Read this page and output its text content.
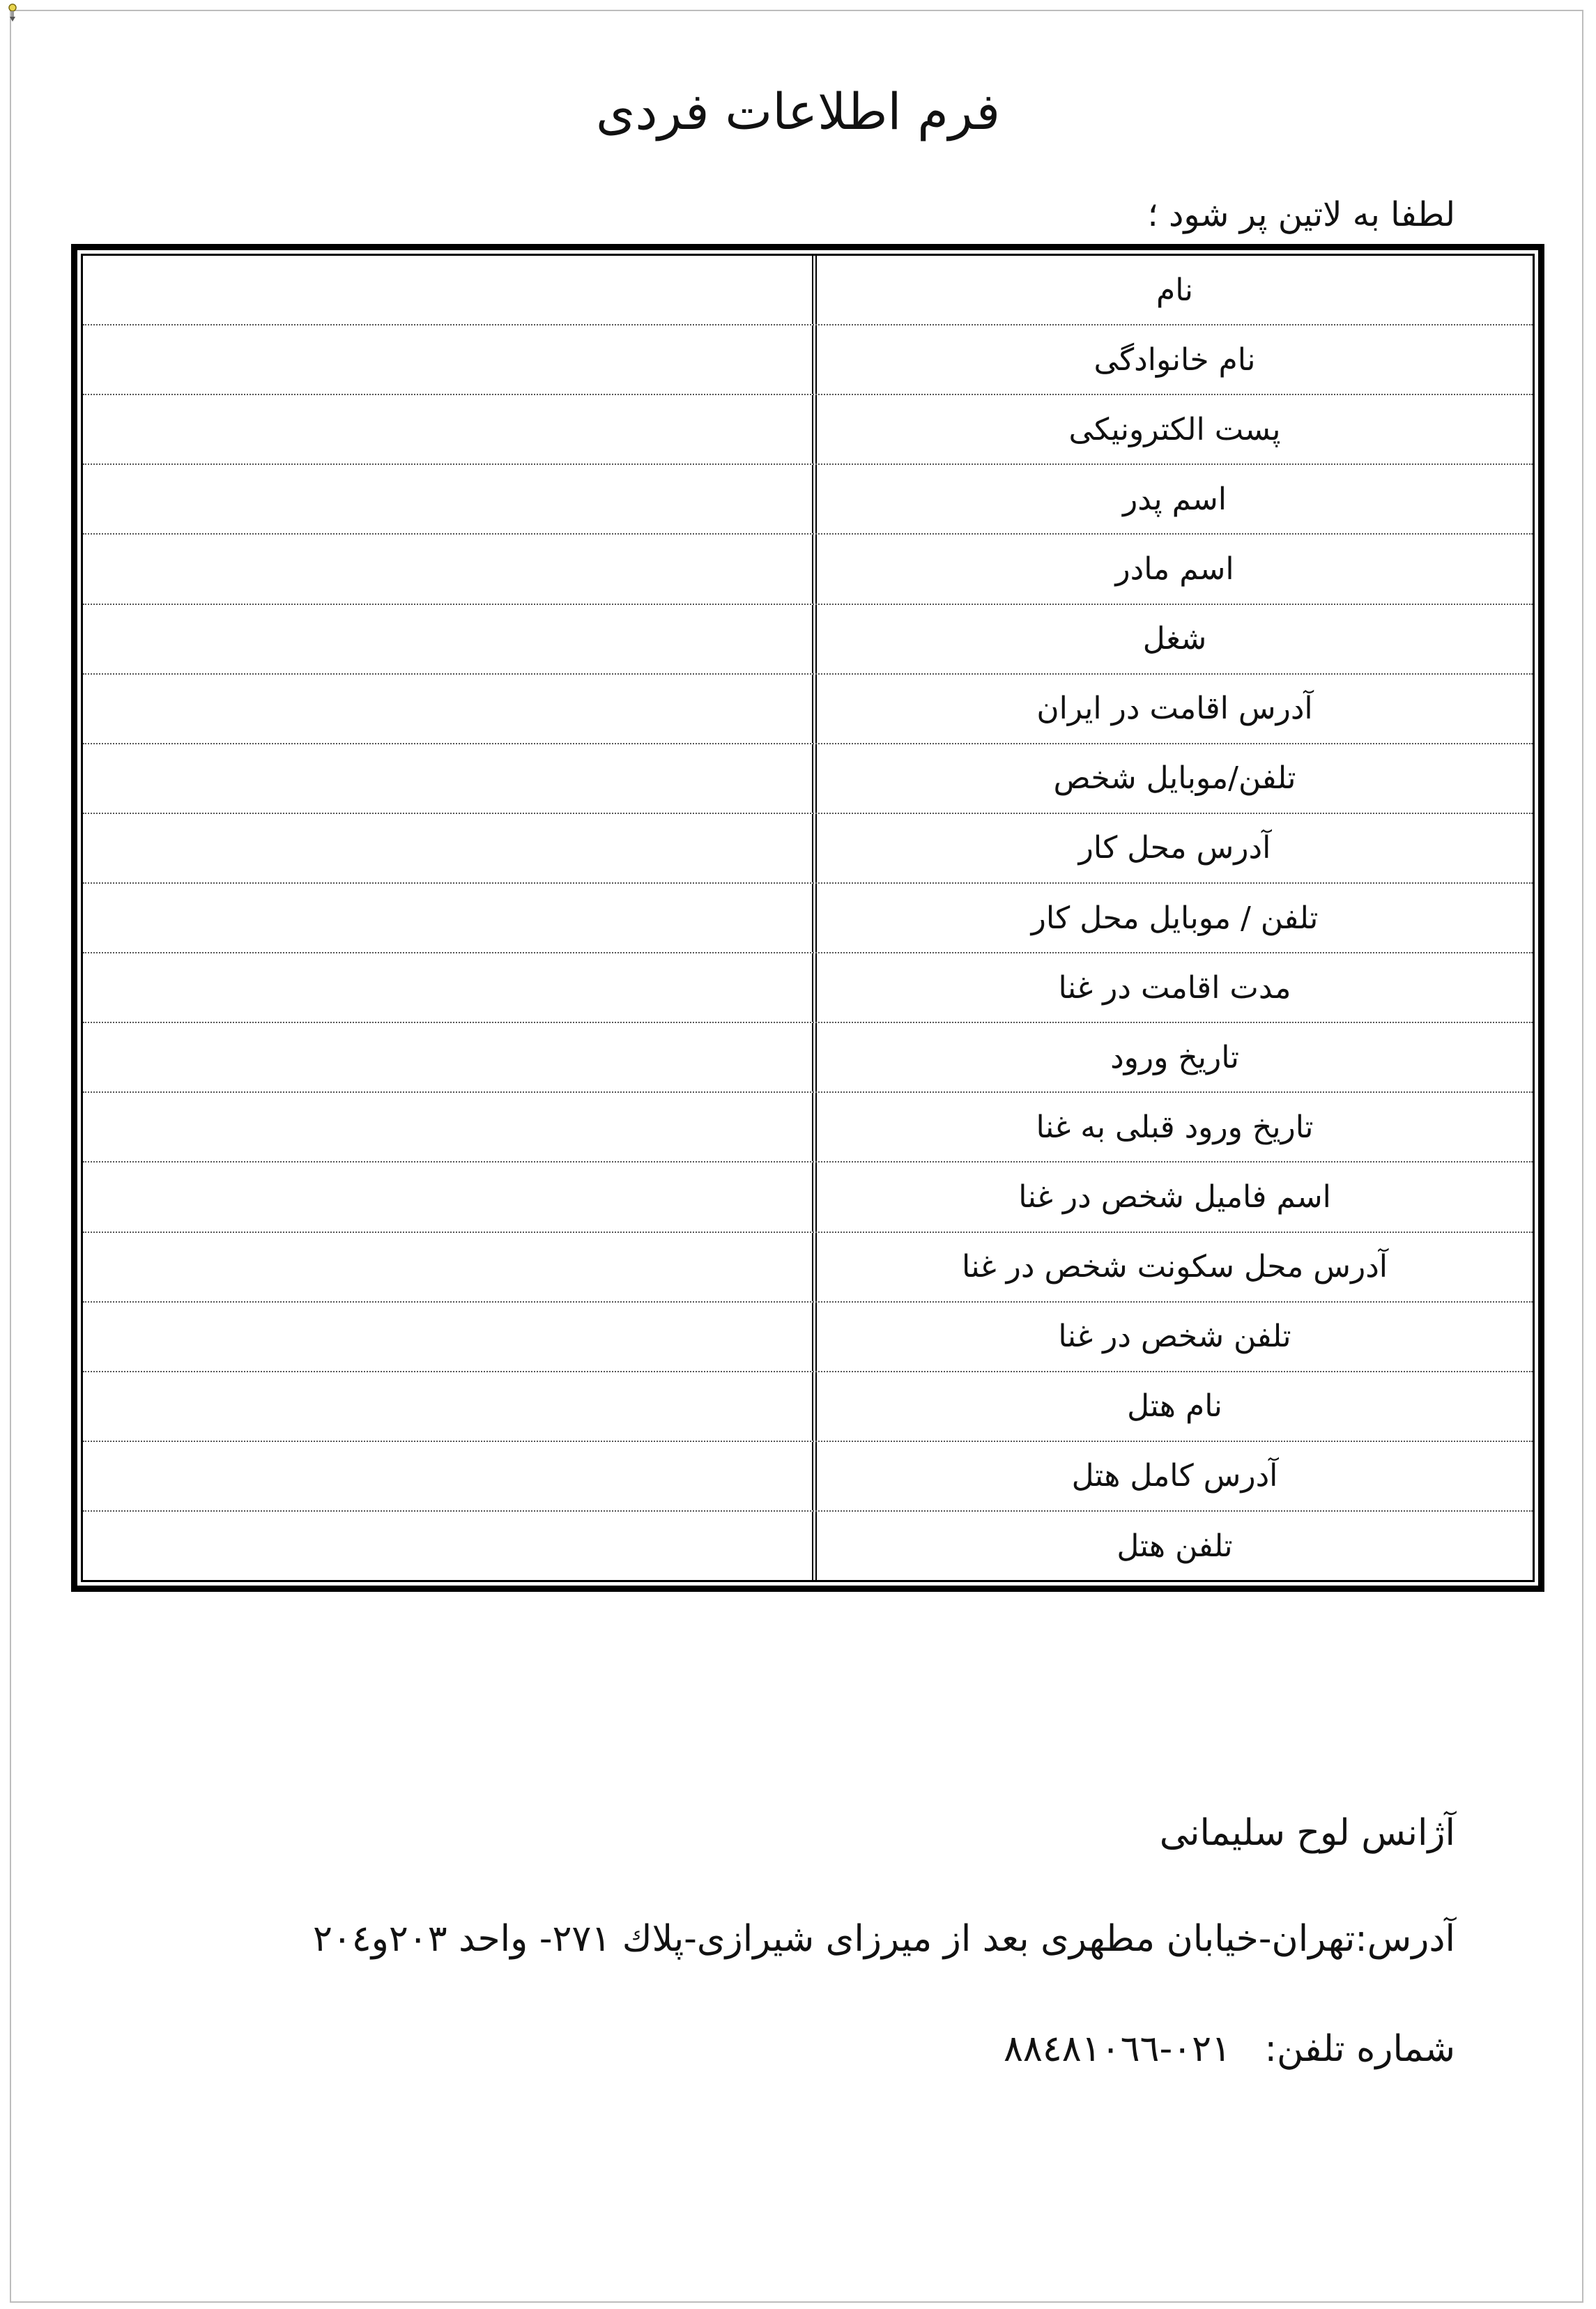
فرم اطلاعات فردی
لطفا به لاتین پر شود ؛
نام
نام خانوادگی
پست الکترونیکی
اسم پدر
اسم مادر
شغل
آدرس اقامت در ایران
تلفن/موبایل شخص
آدرس محل کار
تلفن / موبایل محل کار
مدت اقامت در غنا
تاریخ ورود
تاریخ ورود قبلی به غنا
اسم فامیل شخص در غنا
آدرس محل سکونت شخص در غنا
تلفن شخص در غنا
نام هتل
آدرس کامل هتل
تلفن هتل
آژانس لوح سلیمانی
آدرس:تهران-خیابان مطهری بعد از میرزای شیرازی-پلاك ٢٧١- واحد ٢٠٣و٢٠٤
شماره تلفن: ٠٢١-٨٨٤٨١٠٦٦
